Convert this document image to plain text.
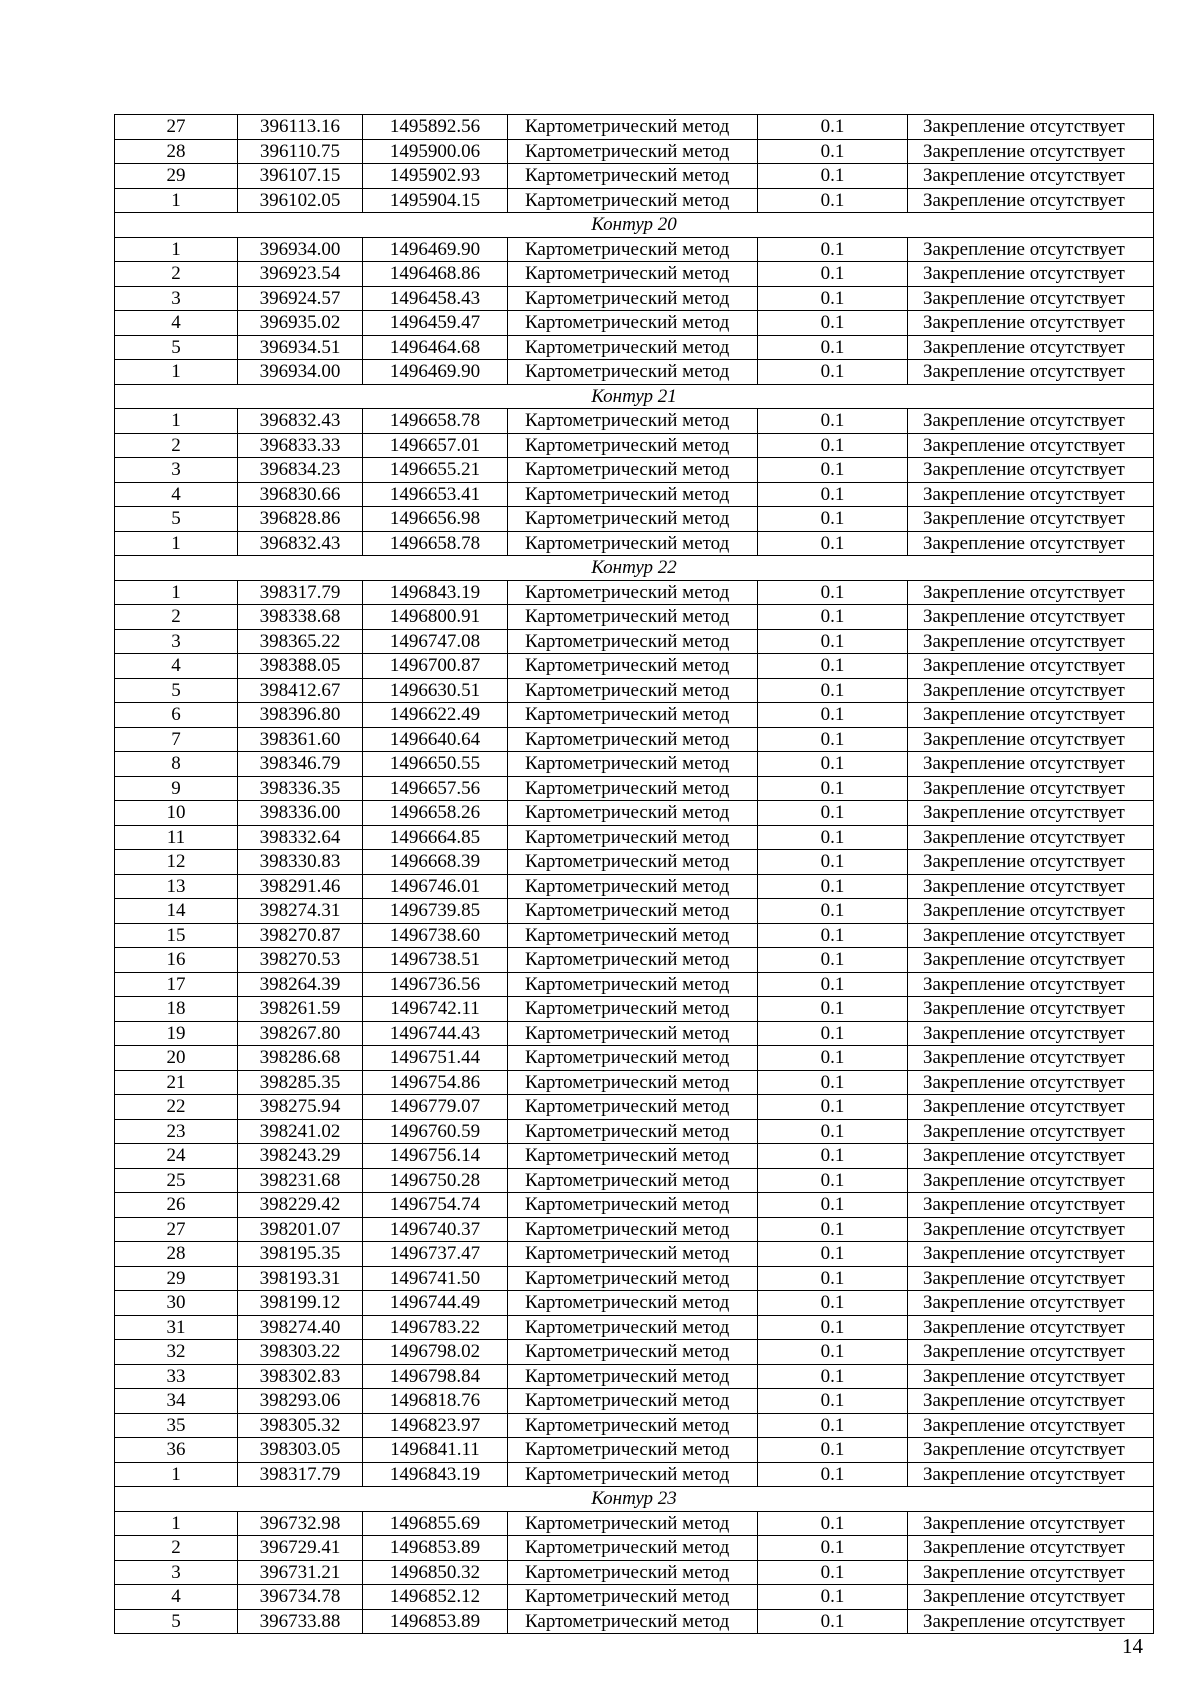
27	396113.16	1495892.56	Картометрический метод	0.1	Закрепление отсутствует
28	396110.75	1495900.06	Картометрический метод	0.1	Закрепление отсутствует
29	396107.15	1495902.93	Картометрический метод	0.1	Закрепление отсутствует
1	396102.05	1495904.15	Картометрический метод	0.1	Закрепление отсутствует
Контур 20					
1	396934.00	1496469.90	Картометрический метод	0.1	Закрепление отсутствует
2	396923.54	1496468.86	Картометрический метод	0.1	Закрепление отсутствует
3	396924.57	1496458.43	Картометрический метод	0.1	Закрепление отсутствует
4	396935.02	1496459.47	Картометрический метод	0.1	Закрепление отсутствует
5	396934.51	1496464.68	Картометрический метод	0.1	Закрепление отсутствует
1	396934.00	1496469.90	Картометрический метод	0.1	Закрепление отсутствует
Контур 21					
1	396832.43	1496658.78	Картометрический метод	0.1	Закрепление отсутствует
2	396833.33	1496657.01	Картометрический метод	0.1	Закрепление отсутствует
3	396834.23	1496655.21	Картометрический метод	0.1	Закрепление отсутствует
4	396830.66	1496653.41	Картометрический метод	0.1	Закрепление отсутствует
5	396828.86	1496656.98	Картометрический метод	0.1	Закрепление отсутствует
1	396832.43	1496658.78	Картометрический метод	0.1	Закрепление отсутствует
Контур 22					
1	398317.79	1496843.19	Картометрический метод	0.1	Закрепление отсутствует
2	398338.68	1496800.91	Картометрический метод	0.1	Закрепление отсутствует
3	398365.22	1496747.08	Картометрический метод	0.1	Закрепление отсутствует
4	398388.05	1496700.87	Картометрический метод	0.1	Закрепление отсутствует
5	398412.67	1496630.51	Картометрический метод	0.1	Закрепление отсутствует
6	398396.80	1496622.49	Картометрический метод	0.1	Закрепление отсутствует
7	398361.60	1496640.64	Картометрический метод	0.1	Закрепление отсутствует
8	398346.79	1496650.55	Картометрический метод	0.1	Закрепление отсутствует
9	398336.35	1496657.56	Картометрический метод	0.1	Закрепление отсутствует
10	398336.00	1496658.26	Картометрический метод	0.1	Закрепление отсутствует
11	398332.64	1496664.85	Картометрический метод	0.1	Закрепление отсутствует
12	398330.83	1496668.39	Картометрический метод	0.1	Закрепление отсутствует
13	398291.46	1496746.01	Картометрический метод	0.1	Закрепление отсутствует
14	398274.31	1496739.85	Картометрический метод	0.1	Закрепление отсутствует
15	398270.87	1496738.60	Картометрический метод	0.1	Закрепление отсутствует
16	398270.53	1496738.51	Картометрический метод	0.1	Закрепление отсутствует
17	398264.39	1496736.56	Картометрический метод	0.1	Закрепление отсутствует
18	398261.59	1496742.11	Картометрический метод	0.1	Закрепление отсутствует
19	398267.80	1496744.43	Картометрический метод	0.1	Закрепление отсутствует
20	398286.68	1496751.44	Картометрический метод	0.1	Закрепление отсутствует
21	398285.35	1496754.86	Картометрический метод	0.1	Закрепление отсутствует
22	398275.94	1496779.07	Картометрический метод	0.1	Закрепление отсутствует
23	398241.02	1496760.59	Картометрический метод	0.1	Закрепление отсутствует
24	398243.29	1496756.14	Картометрический метод	0.1	Закрепление отсутствует
25	398231.68	1496750.28	Картометрический метод	0.1	Закрепление отсутствует
26	398229.42	1496754.74	Картометрический метод	0.1	Закрепление отсутствует
27	398201.07	1496740.37	Картометрический метод	0.1	Закрепление отсутствует
28	398195.35	1496737.47	Картометрический метод	0.1	Закрепление отсутствует
29	398193.31	1496741.50	Картометрический метод	0.1	Закрепление отсутствует
30	398199.12	1496744.49	Картометрический метод	0.1	Закрепление отсутствует
31	398274.40	1496783.22	Картометрический метод	0.1	Закрепление отсутствует
32	398303.22	1496798.02	Картометрический метод	0.1	Закрепление отсутствует
33	398302.83	1496798.84	Картометрический метод	0.1	Закрепление отсутствует
34	398293.06	1496818.76	Картометрический метод	0.1	Закрепление отсутствует
35	398305.32	1496823.97	Картометрический метод	0.1	Закрепление отсутствует
36	398303.05	1496841.11	Картометрический метод	0.1	Закрепление отсутствует
1	398317.79	1496843.19	Картометрический метод	0.1	Закрепление отсутствует
Контур 23					
1	396732.98	1496855.69	Картометрический метод	0.1	Закрепление отсутствует
2	396729.41	1496853.89	Картометрический метод	0.1	Закрепление отсутствует
3	396731.21	1496850.32	Картометрический метод	0.1	Закрепление отсутствует
4	396734.78	1496852.12	Картометрический метод	0.1	Закрепление отсутствует
5	396733.88	1496853.89	Картометрический метод	0.1	Закрепление отсутствует
14
